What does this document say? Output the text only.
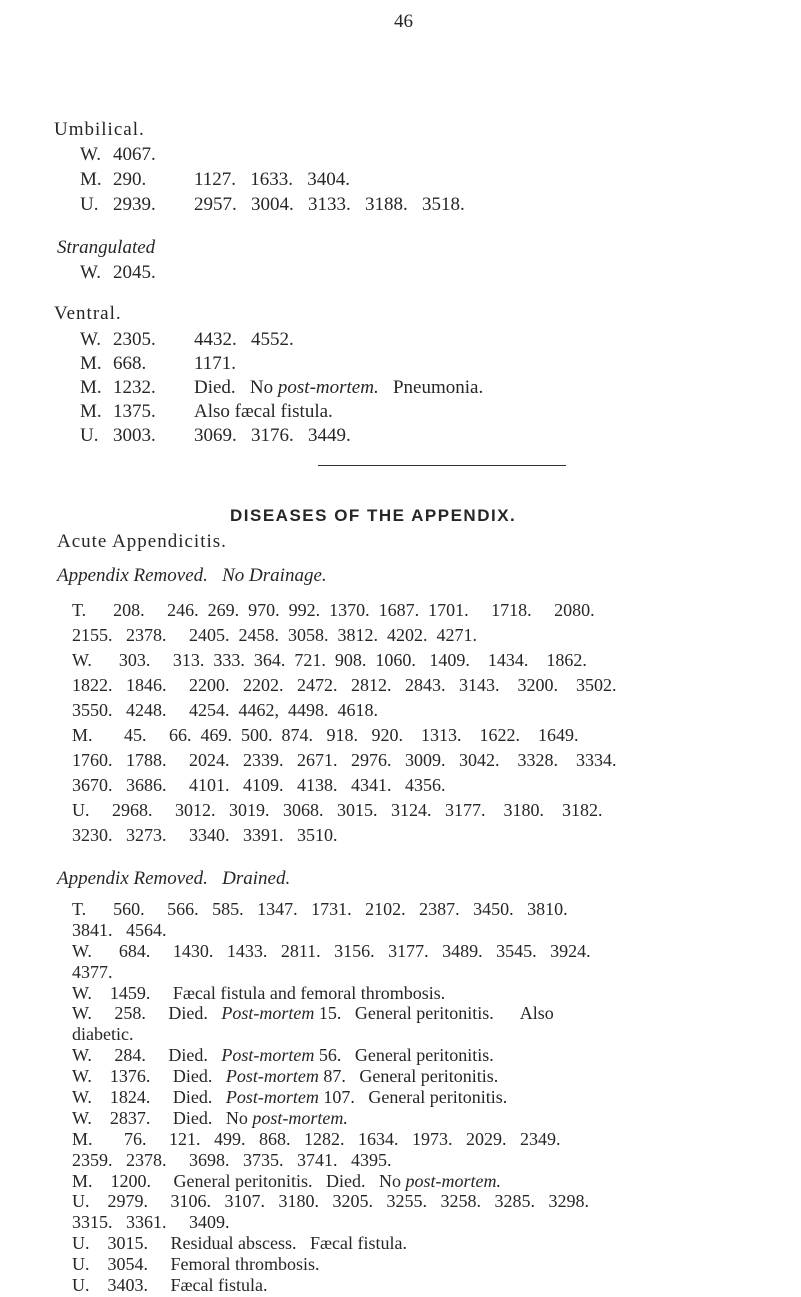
46
Umbilical.
W. 4067.
M. 290.	1127.   1633.   3404.
U. 2939. 2957.   3004.   3133.   3188.   3518.
Strangulated
W. 2045.
Ventral.
W. 2305. 4432.   4552.
M. 668.	1171.
M. 1232. Died.   No post-mortem.   Pneumonia.
M. 1375. Also fæcal fistula.
U. 3003. 3069.   3176.   3449.
DISEASES OF THE APPENDIX.
Acute Appendicitis.
Appendix Removed.   No Drainage.
T.      208.     246.  269.  970.  992.  1370.  1687.  1701.     1718.     2080.
2155.   2378.     2405.  2458.  3058.  3812.  4202.  4271.
W.      303.     313.  333.  364.  721.  908.  1060.   1409.    1434.    1862.
1822.   1846.     2200.   2202.   2472.   2812.   2843.   3143.    3200.    3502.
3550.   4248.     4254.  4462,  4498.  4618.
M.       45.     66.  469.  500.  874.   918.   920.    1313.    1622.    1649.
1760.   1788.     2024.   2339.   2671.   2976.   3009.   3042.    3328.    3334.
3670.   3686.     4101.   4109.   4138.   4341.   4356.
U.     2968.     3012.   3019.   3068.   3015.   3124.   3177.    3180.    3182.
3230.   3273.     3340.   3391.   3510.
Appendix Removed.   Drained.
T.      560.     566.   585.   1347.   1731.   2102.   2387.   3450.   3810.
3841.   4564.
W.      684.     1430.   1433.   2811.   3156.   3177.   3489.   3545.   3924.
4377.
W.    1459.     Fæcal fistula and femoral thrombosis.
W.     258.     Died.   Post-mortem 15.   General peritonitis.      Also
diabetic.
W.     284.     Died.   Post-mortem 56.   General peritonitis.
W.    1376.     Died.   Post-mortem 87.   General peritonitis.
W.    1824.     Died.   Post-mortem 107.   General peritonitis.
W.    2837.     Died.   No post-mortem.
M.       76.     121.   499.   868.   1282.   1634.   1973.   2029.   2349.
2359.   2378.     3698.   3735.   3741.   4395.
M.    1200.     General peritonitis.   Died.   No post-mortem.
U.    2979.     3106.   3107.   3180.   3205.   3255.   3258.   3285.   3298.
3315.   3361.     3409.
U.    3015.     Residual abscess.   Fæcal fistula.
U.    3054.     Femoral thrombosis.
U.    3403.     Fæcal fistula.
